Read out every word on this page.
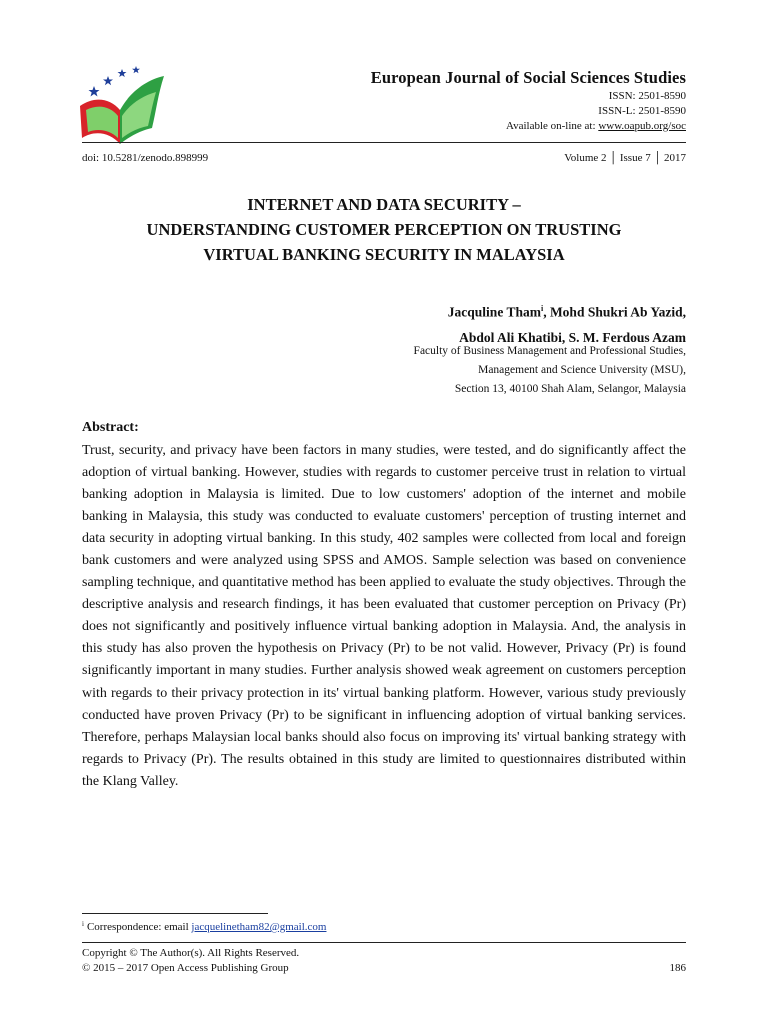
European Journal of Social Sciences Studies
ISSN: 2501-8590
ISSN-L: 2501-8590
Available on-line at: www.oapub.org/soc
doi: 10.5281/zenodo.898999	Volume 2 │ Issue 7 │ 2017
INTERNET AND DATA SECURITY –
UNDERSTANDING CUSTOMER PERCEPTION ON TRUSTING
VIRTUAL BANKING SECURITY IN MALAYSIA
Jacquline Tham$^i$, Mohd Shukri Ab Yazid,
Abdol Ali Khatibi, S. M. Ferdous Azam
Faculty of Business Management and Professional Studies,
Management and Science University (MSU),
Section 13, 40100 Shah Alam, Selangor, Malaysia
Abstract:
Trust, security, and privacy have been factors in many studies, were tested, and do significantly affect the adoption of virtual banking. However, studies with regards to customer perceive trust in relation to virtual banking adoption in Malaysia is limited. Due to low customers' adoption of the internet and mobile banking in Malaysia, this study was conducted to evaluate customers' perception of trusting internet and data security in adopting virtual banking. In this study, 402 samples were collected from local and foreign bank customers and were analyzed using SPSS and AMOS. Sample selection was based on convenience sampling technique, and quantitative method has been applied to evaluate the study objectives. Through the descriptive analysis and research findings, it has been evaluated that customer perception on Privacy (Pr) does not significantly and positively influence virtual banking adoption in Malaysia. And, the analysis in this study has also proven the hypothesis on Privacy (Pr) to be not valid. However, Privacy (Pr) is found significantly important in many studies. Further analysis showed weak agreement on customers perception with regards to their privacy protection in its' virtual banking platform. However, various study previously conducted have proven Privacy (Pr) to be significant in influencing adoption of virtual banking services. Therefore, perhaps Malaysian local banks should also focus on improving its' virtual banking strategy with regards to Privacy (Pr). The results obtained in this study are limited to questionnaires distributed within the Klang Valley.
$^i$ Correspondence: email jacquelinetham82@gmail.com
Copyright © The Author(s). All Rights Reserved.
© 2015 – 2017 Open Access Publishing Group	186
